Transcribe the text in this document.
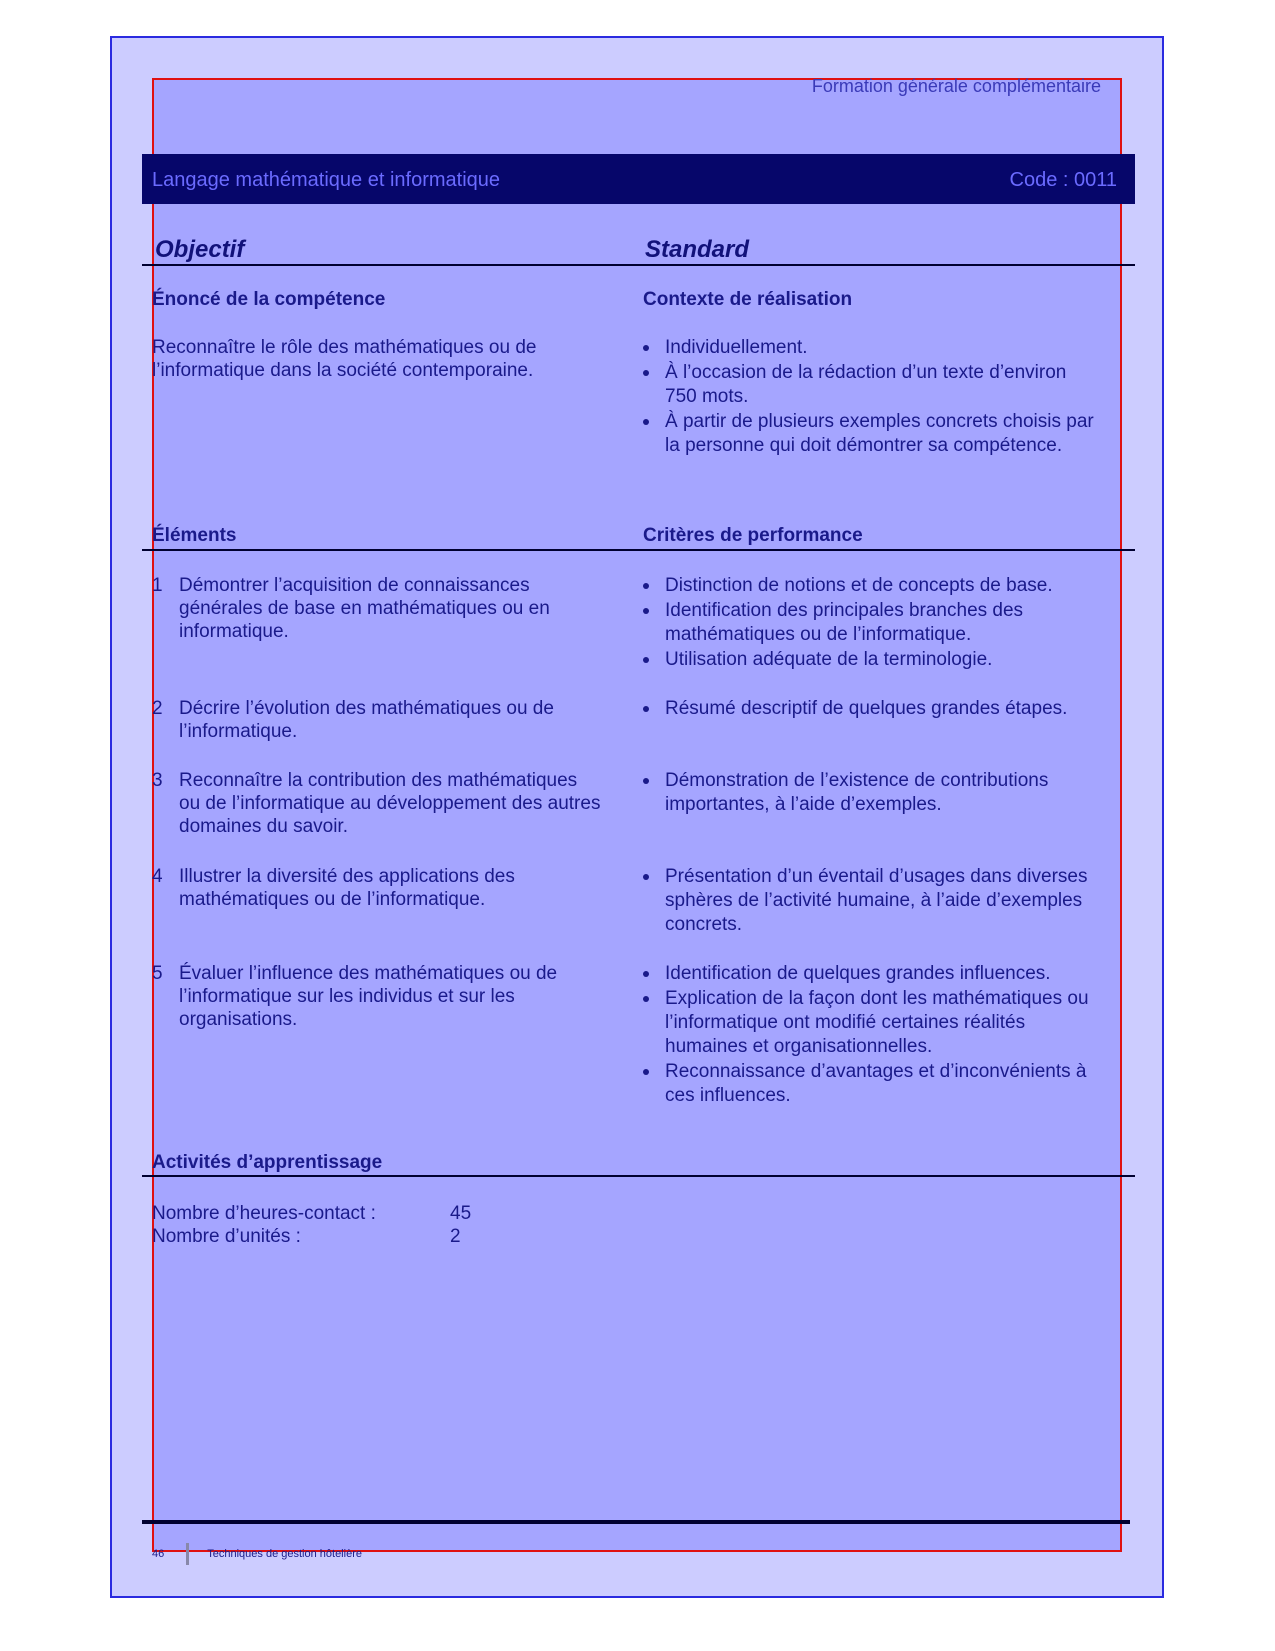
Formation générale complémentaire
Langage mathématique et informatique	Code : 0011
Objectif	Standard
Énoncé de la compétence	Contexte de réalisation
Reconnaître le rôle des mathématiques ou de
l’informatique dans la société contemporaine.
Individuellement.
À l’occasion de la rédaction d’un texte d’environ 750 mots.
À partir de plusieurs exemples concrets choisis par la personne qui doit démontrer sa compétence.
Éléments	Critères de performance
1 Démontrer l’acquisition de connaissances générales de base en mathématiques ou en informatique.
Distinction de notions et de concepts de base.
Identification des principales branches des mathématiques ou de l’informatique.
Utilisation adéquate de la terminologie.
2 Décrire l’évolution des mathématiques ou de l’informatique.
Résumé descriptif de quelques grandes étapes.
3 Reconnaître la contribution des mathématiques ou de l’informatique au développement des autres domaines du savoir.
Démonstration de l’existence de contributions importantes, à l’aide d’exemples.
4 Illustrer la diversité des applications des mathématiques ou de l’informatique.
Présentation d’un éventail d’usages dans diverses sphères de l’activité humaine, à l’aide d’exemples concrets.
5 Évaluer l’influence des mathématiques ou de l’informatique sur les individus et sur les organisations.
Identification de quelques grandes influences.
Explication de la façon dont les mathématiques ou l’informatique ont modifié certaines réalités humaines et organisationnelles.
Reconnaissance d’avantages et d’inconvénients à ces influences.
Activités d’apprentissage
Nombre d’heures-contact :	45
Nombre d’unités :	2
46	Techniques de gestion hôtelière
